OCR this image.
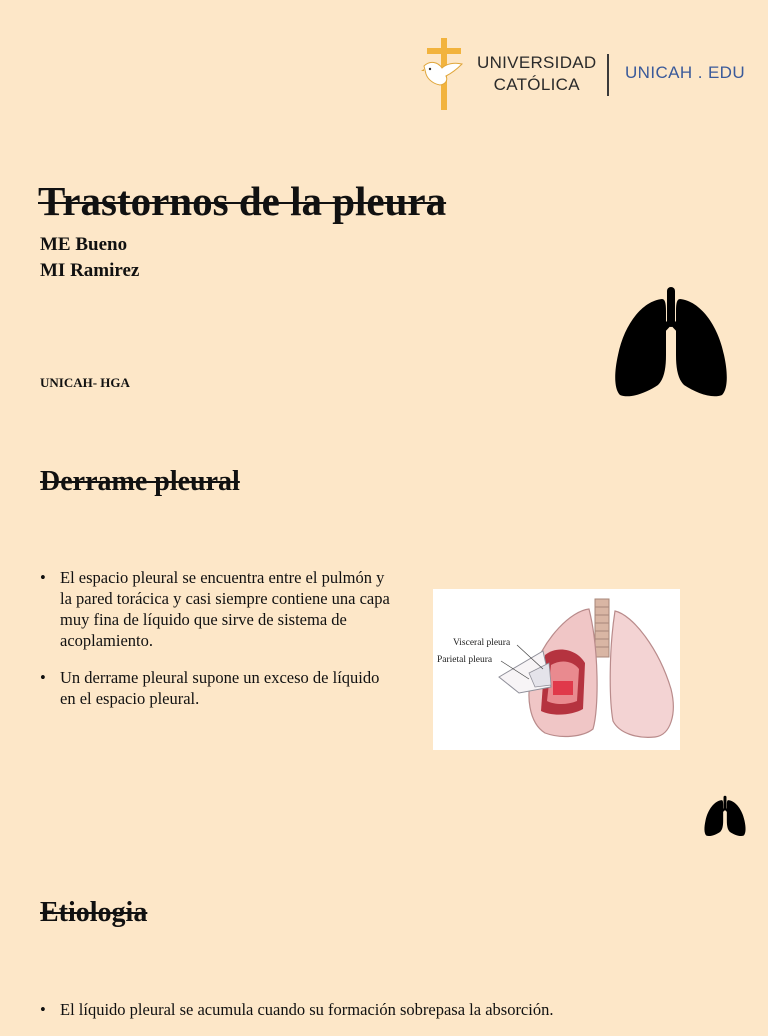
UNIVERSIDAD
CATÓLICA
UNICAH . EDU
Trastornos de la pleura
ME Bueno
MI Ramirez
UNICAH- HGA
Derrame pleural
• El espacio pleural se encuentra entre el pulmón y la pared torácica y casi siempre contiene una capa muy fina de líquido que sirve de sistema de acoplamiento.
• Un derrame pleural supone un exceso de líquido en el espacio pleural.
Visceral pleura
Parietal pleura
Etiologia
• El líquido pleural se acumula cuando su formación sobrepasa la absorción.
